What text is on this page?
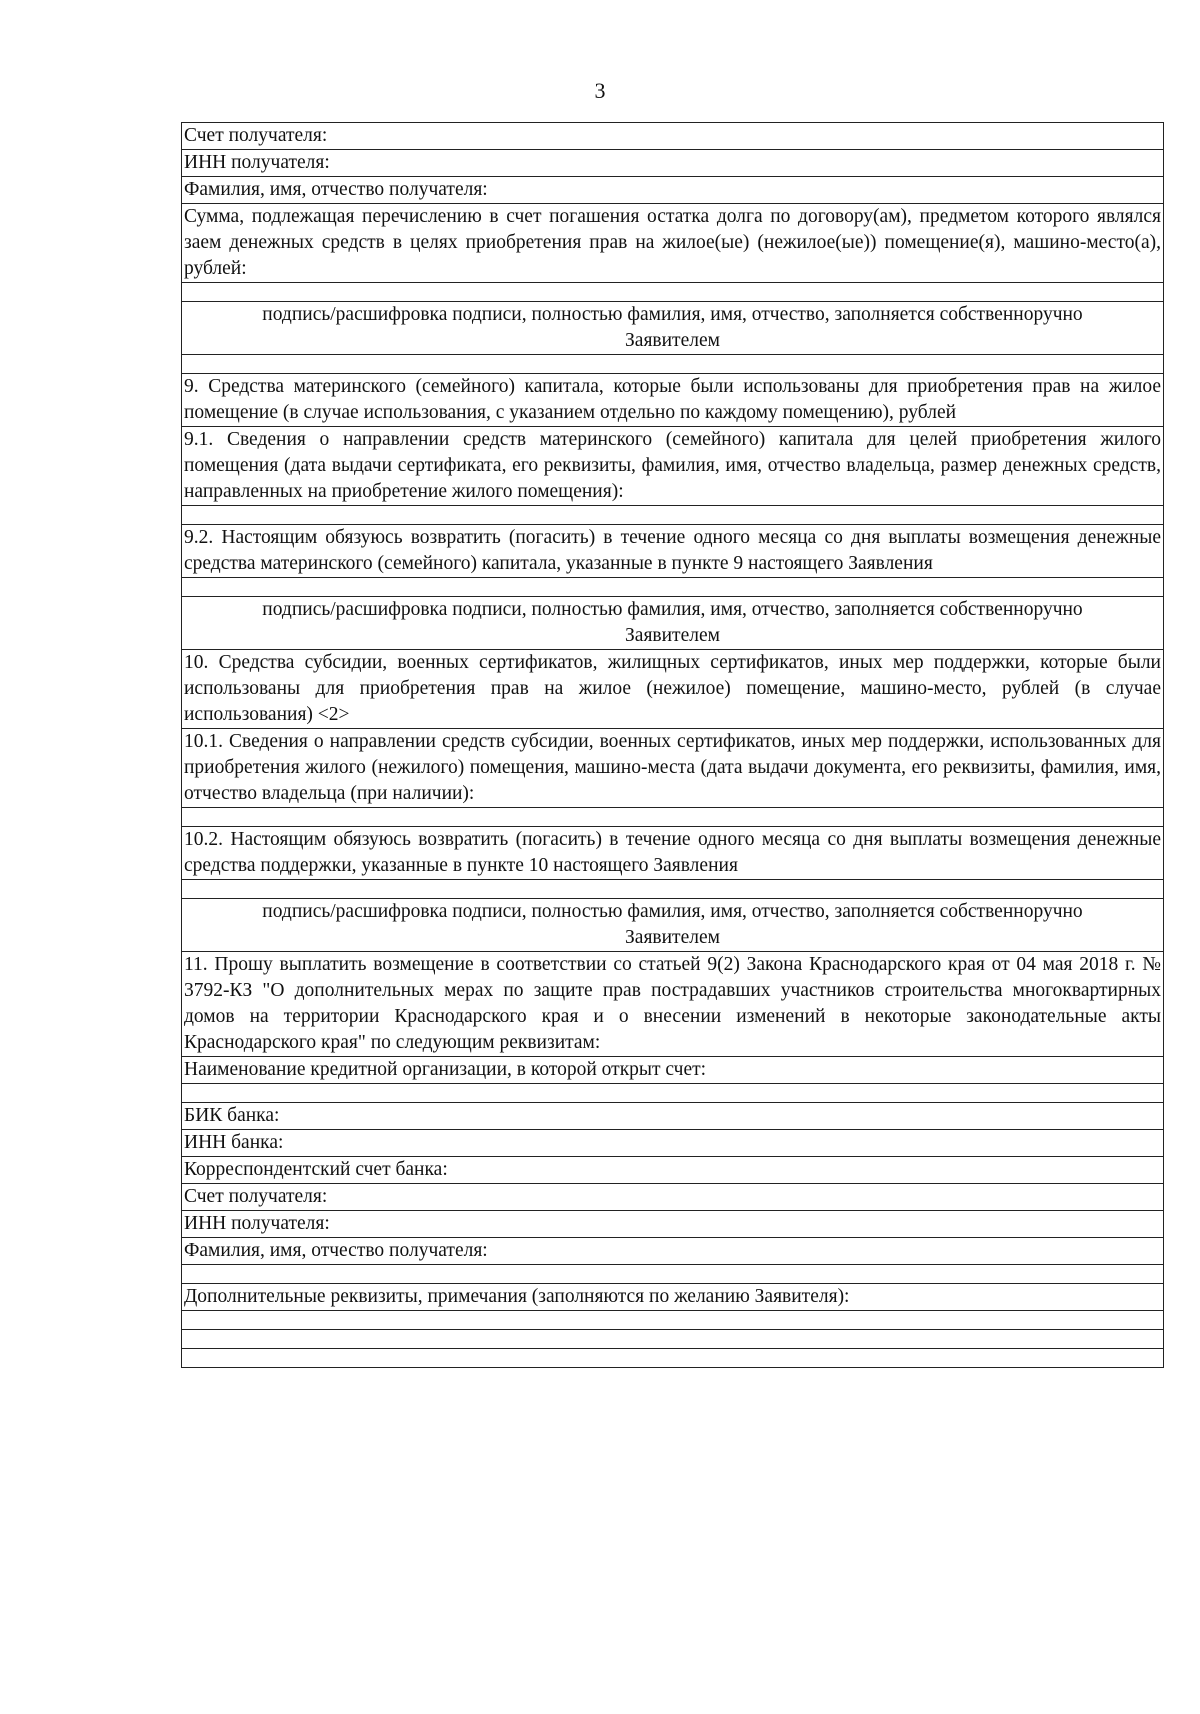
3
Счет получателя:
ИНН получателя:
Фамилия, имя, отчество получателя:
Сумма, подлежащая перечислению в счет погашения остатка долга по договору(ам), предметом которого являлся заем денежных средств в целях приобретения прав на жилое(ые) (нежилое(ые)) помещение(я), машино-место(а), рублей:

подпись/расшифровка подписи, полностью фамилия, имя, отчество, заполняется собственноручно
Заявителем

9. Средства материнского (семейного) капитала, которые были использованы для приобретения прав на жилое помещение (в случае использования, с указанием отдельно по каждому помещению), рублей
9.1. Сведения о направлении средств материнского (семейного) капитала для целей приобретения жилого помещения (дата выдачи сертификата, его реквизиты, фамилия, имя, отчество владельца, размер денежных средств, направленных на приобретение жилого помещения):

9.2. Настоящим обязуюсь возвратить (погасить) в течение одного месяца со дня выплаты возмещения денежные средства материнского (семейного) капитала, указанные в пункте 9 настоящего Заявления

подпись/расшифровка подписи, полностью фамилия, имя, отчество, заполняется собственноручно
Заявителем

10. Средства субсидии, военных сертификатов, жилищных сертификатов, иных мер поддержки, которые были использованы для приобретения прав на жилое (нежилое) помещение, машино-место, рублей (в случае использования) <2>
10.1. Сведения о направлении средств субсидии, военных сертификатов, иных мер поддержки, использованных для приобретения жилого (нежилого) помещения, машино-места (дата выдачи документа, его реквизиты, фамилия, имя, отчество владельца (при наличии):

10.2. Настоящим обязуюсь возвратить (погасить) в течение одного месяца со дня выплаты возмещения денежные средства поддержки, указанные в пункте 10 настоящего Заявления

подпись/расшифровка подписи, полностью фамилия, имя, отчество, заполняется собственноручно
Заявителем

11. Прошу выплатить возмещение в соответствии со статьей 9(2) Закона Краснодарского края от 04 мая 2018 г. № 3792-КЗ "О дополнительных мерах по защите прав пострадавших участников строительства многоквартирных домов на территории Краснодарского края и о внесении изменений в некоторые законодательные акты Краснодарского края" по следующим реквизитам:
Наименование кредитной организации, в которой открыт счет:

БИК банка:
ИНН банка:
Корреспондентский счет банка:
Счет получателя:
ИНН получателя:
Фамилия, имя, отчество получателя:

Дополнительные реквизиты, примечания (заполняются по желанию Заявителя):
